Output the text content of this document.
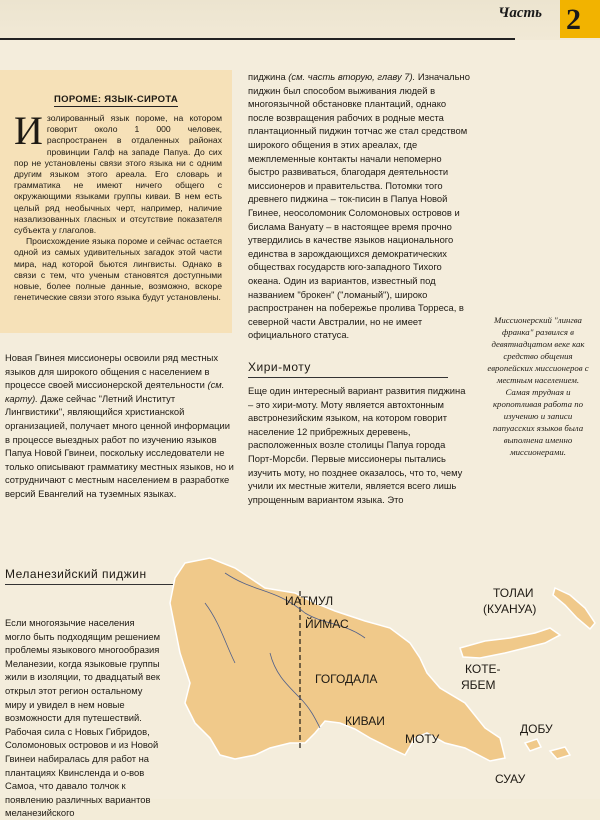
Часть 2
ПОРОМЕ: ЯЗЫК-СИРОТА

Изолированный язык пороме, на котором говорит около 1 000 человек, распространен в отдаленных районах провинции Галф на западе Папуа. До сих пор не установлены связи этого языка ни с одним другим языком этого ареала. Его словарь и грамматика не имеют ничего общего с окружающими языками группы киваи. В нем есть целый ряд необычных черт, например, наличие назализованных гласных и отсутствие показателя субъекта у глаголов.

Происхождение языка пороме и сейчас остается одной из самых удивительных загадок этой части мира, над которой бьются лингвисты. Однако в связи с тем, что ученым становятся доступными новые, более полные данные, возможно, вскоре генетические связи этого языка будут установлены.

пиджина (см. часть вторую, главу 7). Изначально пиджин был способом выживания людей в многоязычной обстановке плантаций, однако после возвращения рабочих в родные места плантационный пиджин тотчас же стал средством широкого общения в этих ареалах, где межплеменные контакты начали непомерно быстро развиваться, благодаря деятельности миссионеров и правительства. Потомки того древнего пиджина – ток-писин в Папуа Новой Гвинее, неосоломоник Соломоновых островов и бислама Вануату – в настоящее время прочно утвердились в качестве языков национального единства в зарождающихся демократических обществах государств юго-западного Тихого океана. Один из вариантов, известный под названием "брокен" ("ломаный"), широко распространен на побережье пролива Торреса, в северной части Австралии, но не имеет официального статуса.

Хири-моту

Еще один интересный вариант развития пиджина – это хири-моту. Моту является автохтонным австронезийским языком, на котором говорит население 12 прибрежных деревень, расположенных возле столицы Папуа города Порт-Морсби. Первые миссионеры пытались изучить моту, но позднее оказалось, что то, чему учили их местные жители, является всего лишь упрощенным вариантом языка. Это

Новая Гвинея миссионеры освоили ряд местных языков для широкого общения с населением в процессе своей миссионерской деятельности (см. карту). Даже сейчас "Летний Институт Лингвистики", являющийся христианской организацией, получает много ценной информации в процессе выездных работ по изучению языков Папуа Новой Гвинеи, поскольку исследователи не только описывают грамматику местных языков, но и сотрудничают с местным населением в разработке версий Евангелий на туземных языках.

Меланезийский пиджин

Если многоязычие населения могло быть подходящим решением проблемы языкового многообразия Меланезии, когда языковые группы жили в изоляции, то двадцатый век открыл этот регион остальному миру и увидел в нем новые возможности для путешествий. Рабочая сила с Новых Гибридов, Соломоновых островов и из Новой Гвинеи набиралась для работ на плантациях Квинсленда и о-вов Самоа, что давало толчок к появлению различных вариантов меланезийского

Миссионерский "лингва франка" развился в девятнадцатом веке как средство общения европейских миссионеров с местным населением. Самая трудная и кропотливая работа по изучению и записи папуасских языков была выполнена именно миссионерами.
ИАТМУЛ
ЙИМАС
ТОЛАИ
(КУАНУА)
КОТЕ-
ЯБЕМ
ГОГОДАЛА
КИВАИ
МОТУ
ДОБУ
СУАУ
